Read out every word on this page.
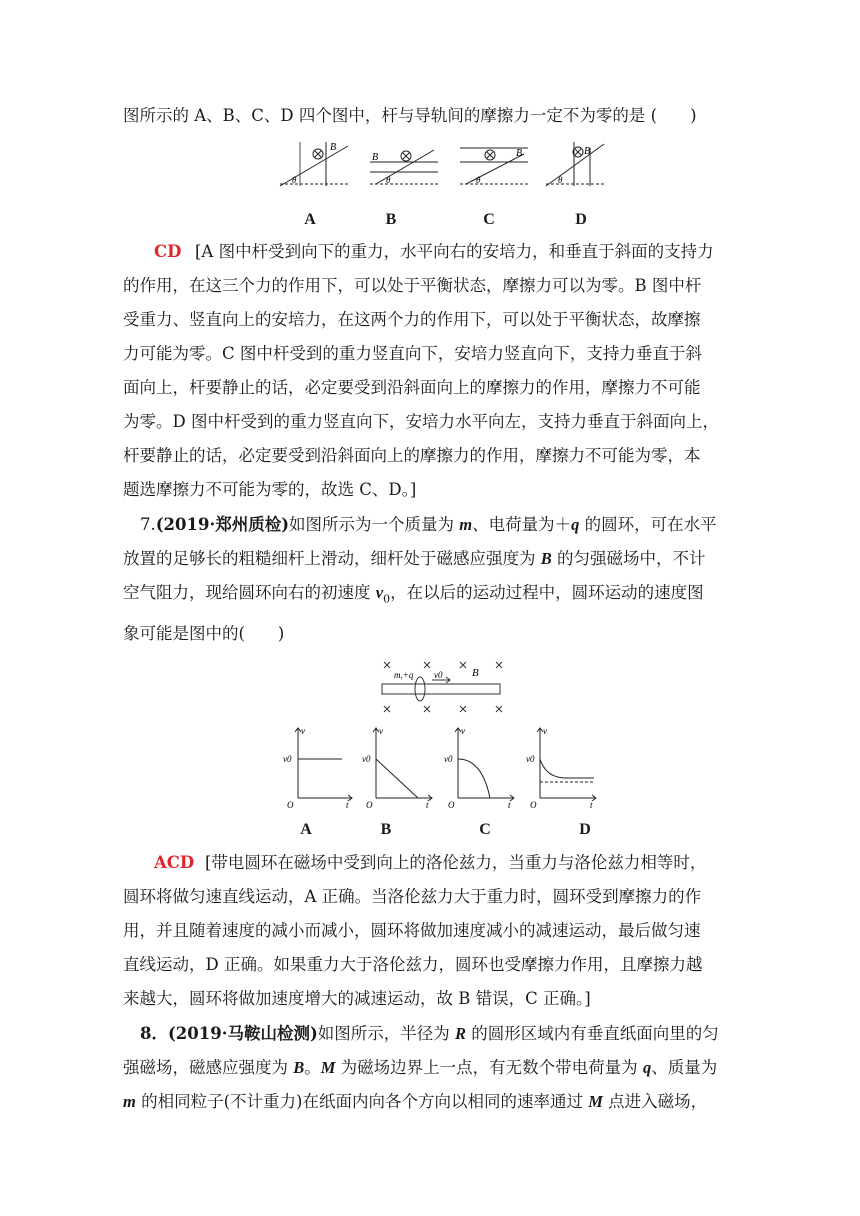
图所示的 A、B、C、D 四个图中，杆与导轨间的摩擦力一定不为零的是 (　　)
B
B	B	B
θ	θ	θ	θ
A	B	C	D
CD [A 图中杆受到向下的重力，水平向右的安培力，和垂直于斜面的支持力
的作用，在这三个力的作用下，可以处于平衡状态，摩擦力可以为零。B 图中杆
受重力、竖直向上的安培力，在这两个力的作用下，可以处于平衡状态，故摩擦
力可能为零。C 图中杆受到的重力竖直向下，安培力竖直向下，支持力垂直于斜
面向上，杆要静止的话，必定要受到沿斜面向上的摩擦力的作用，摩擦力不可能
为零。D 图中杆受到的重力竖直向下，安培力水平向左，支持力垂直于斜面向上，
杆要静止的话，必定要受到沿斜面向上的摩擦力的作用，摩擦力不可能为零，本
题选摩擦力不可能为零的，故选 C、D。]
7.(2019·郑州质检)如图所示为一个质量为 m、电荷量为＋q 的圆环，可在水平
放置的足够长的粗糙细杆上滑动，细杆处于磁感应强度为 B 的匀强磁场中，不计
空气阻力，现给圆环向右的初速度 $v_0$，在以后的运动过程中，圆环运动的速度图
象可能是图中的(　　)
m,+q v0	B
v
v0
O	t
v
v0
O	t
v
v0
O	t
v
v0
O	t
A	B	C	D
ACD [带电圆环在磁场中受到向上的洛伦兹力，当重力与洛伦兹力相等时，
圆环将做匀速直线运动，A 正确。当洛伦兹力大于重力时，圆环受到摩擦力的作
用，并且随着速度的减小而减小，圆环将做加速度减小的减速运动，最后做匀速
直线运动，D 正确。如果重力大于洛伦兹力，圆环也受摩擦力作用，且摩擦力越
来越大，圆环将做加速度增大的减速运动，故 B 错误，C 正确。]
8．(2019·马鞍山检测)如图所示，半径为 R 的圆形区域内有垂直纸面向里的匀
强磁场，磁感应强度为 B。M 为磁场边界上一点，有无数个带电荷量为 q、质量为
m 的相同粒子(不计重力)在纸面内向各个方向以相同的速率通过 M 点进入磁场，
